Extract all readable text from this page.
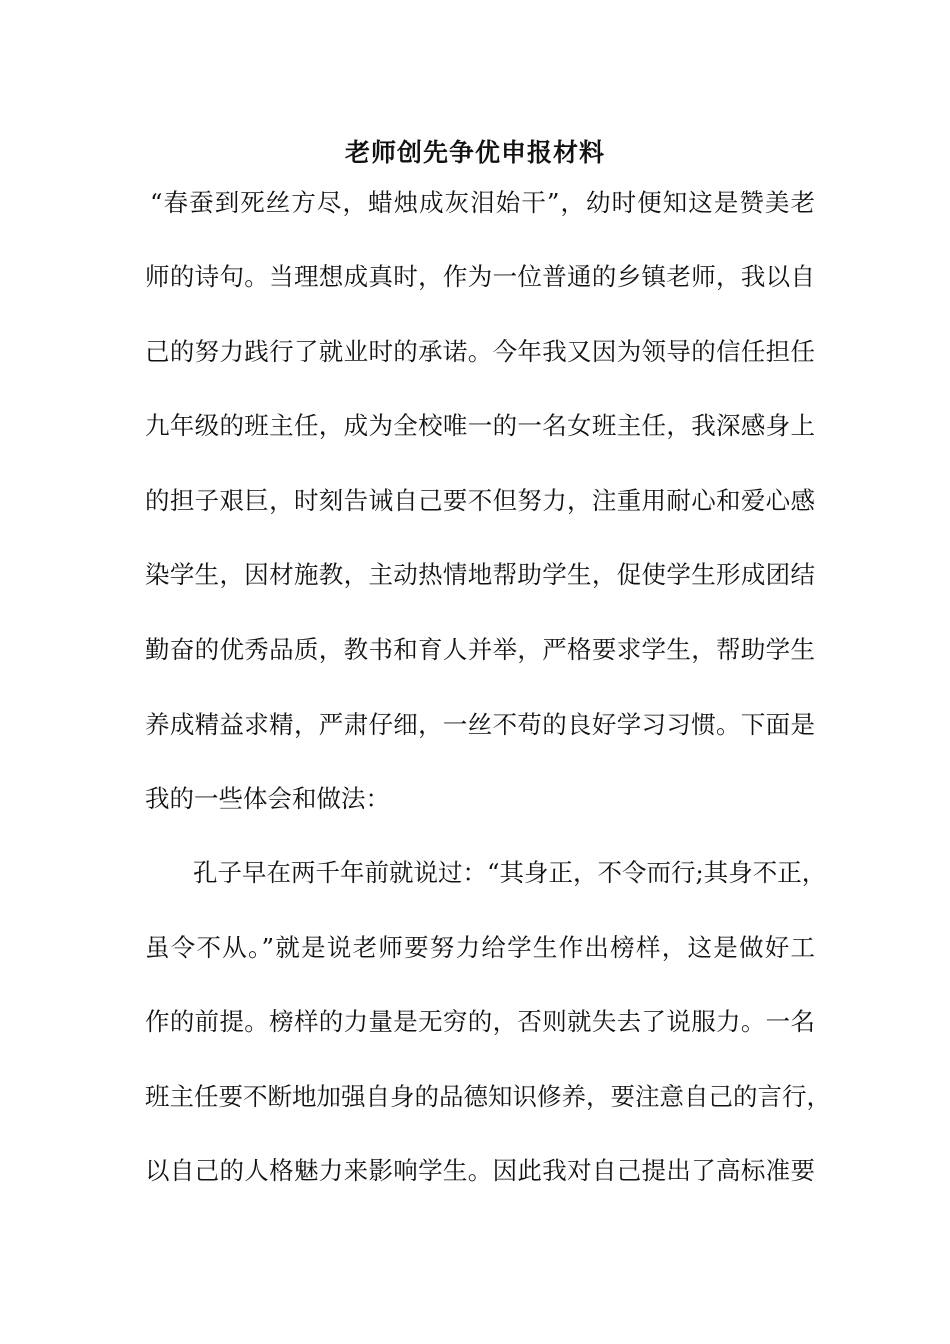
老师创先争优申报材料
“春蚕到死丝方尽，蜡烛成灰泪始干”，幼时便知这是赞美老
师的诗句。当理想成真时，作为一位普通的乡镇老师，我以自
己的努力践行了就业时的承诺。今年我又因为领导的信任担任
九年级的班主任，成为全校唯一的一名女班主任，我深感身上
的担子艰巨，时刻告诫自己要不但努力，注重用耐心和爱心感
染学生，因材施教，主动热情地帮助学生，促使学生形成团结
勤奋的优秀品质，教书和育人并举，严格要求学生，帮助学生
养成精益求精，严肃仔细，一丝不苟的良好学习习惯。下面是
我的一些体会和做法：
孔子早在两千年前就说过：“其身正，不令而行;其身不正，
虽令不从。”就是说老师要努力给学生作出榜样，这是做好工
作的前提。榜样的力量是无穷的，否则就失去了说服力。一名
班主任要不断地加强自身的品德知识修养，要注意自己的言行，
以自己的人格魅力来影响学生。因此我对自己提出了高标准要
